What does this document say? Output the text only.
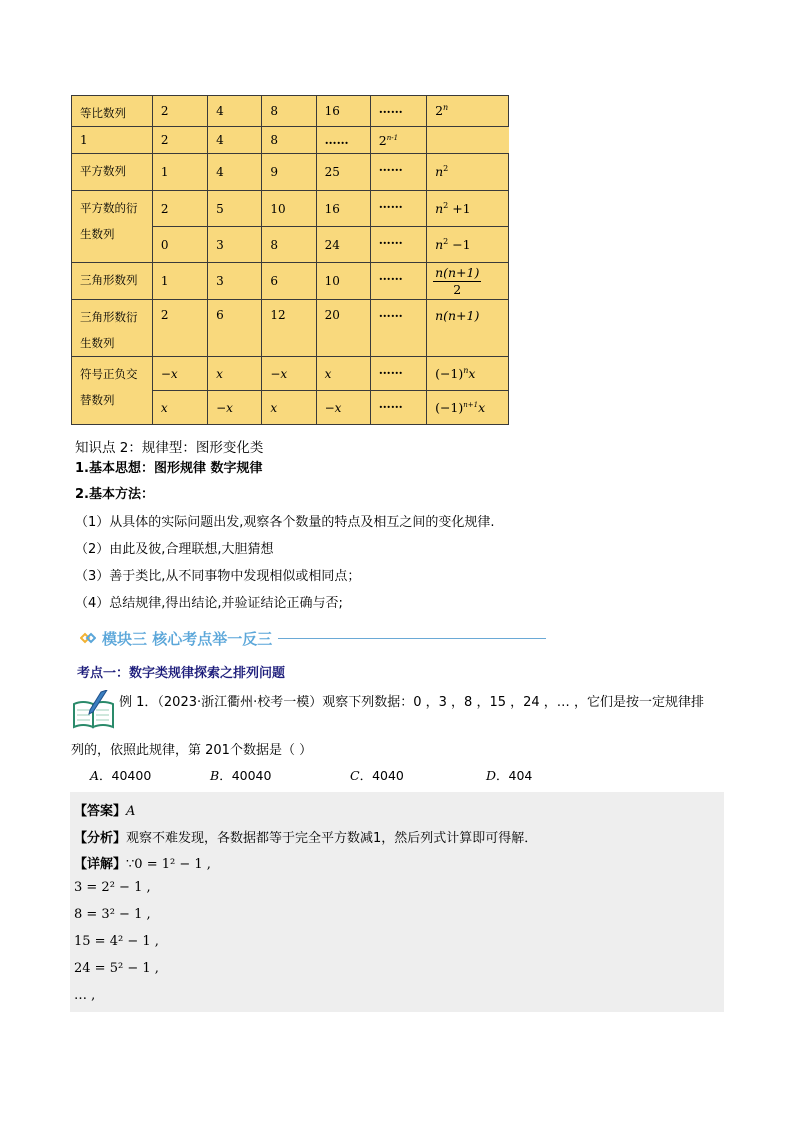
等比数列	2	4	8	16	……	2$^n$
1	2	4	8	……	2$^{n-1}$
平方数列	1	4	9	25	……	$n^2$
平方数的衍生数列	2	5	10	16	……	$n^2 +1$
	0	3	8	24	……	$n^2 -1$
三角形数列	1	3	6	10	……	$\frac{n(n+1)}{2}$

三角形数衍生数列	2	6	12	20	……	n(n+1)
符号正负交替数列	−x	x	−x	x	……	$(-1)^nx$
	x	−x	x	−x	……	$(-1)^{n+1}x$
知识点 2：规律型：图形变化类
1.基本思想：图形规律 数字规律
2.基本方法：
（1）从具体的实际问题出发,观察各个数量的特点及相互之间的变化规律.
（2）由此及彼,合理联想,大胆猜想
（3）善于类比,从不同事物中发现相似或相同点；
（4）总结规律,得出结论,并验证结论正确与否;
模块三 核心考点举一反三
考点一：数字类规律探索之排列问题
例 1．（2023·浙江衢州·校考一模）观察下列数据：0 ，3 ，8 ，15 ，24 ，… ，它们是按一定规律排
列的，依照此规律，第 201个数据是（ ）
A．40400	B．40040	C．4040	D．404
【答案】A
【分析】观察不难发现，各数据都等于完全平方数减1，然后列式计算即可得解．
【详解】∵0 = 1² − 1 ,
3 = 2² − 1 ,
8 = 3² − 1 ,
15 = 4² − 1 ,
24 = 5² − 1 ,
… ,
